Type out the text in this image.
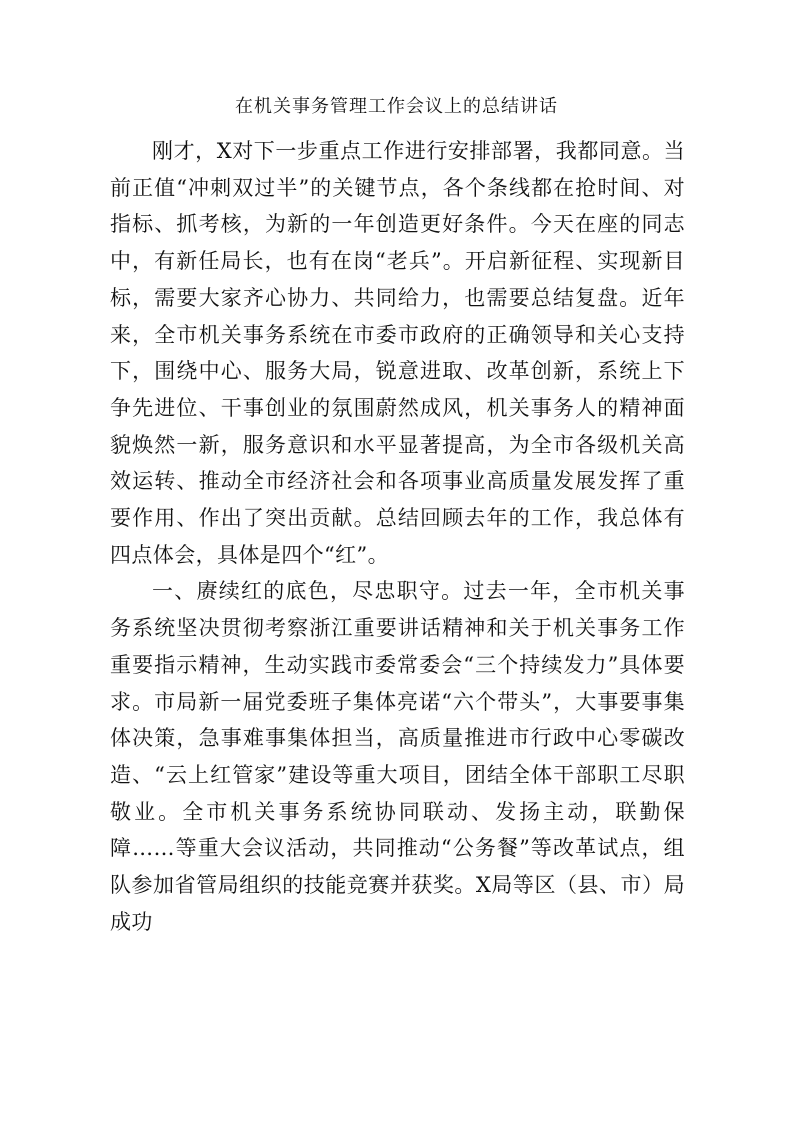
在机关事务管理工作会议上的总结讲话

刚才，X对下一步重点工作进行安排部署，我都同意。当前正值“冲刺双过半”的关键节点，各个条线都在抢时间、对指标、抓考核，为新的一年创造更好条件。今天在座的同志中，有新任局长，也有在岗“老兵”。开启新征程、实现新目标，需要大家齐心协力、共同给力，也需要总结复盘。近年来，全市机关事务系统在市委市政府的正确领导和关心支持下，围绕中心、服务大局，锐意进取、改革创新，系统上下争先进位、干事创业的氛围蔚然成风，机关事务人的精神面貌焕然一新，服务意识和水平显著提高，为全市各级机关高效运转、推动全市经济社会和各项事业高质量发展发挥了重要作用、作出了突出贡献。总结回顾去年的工作，我总体有四点体会，具体是四个“红”。

一、赓续红的底色，尽忠职守。过去一年，全市机关事务系统坚决贯彻考察浙江重要讲话精神和关于机关事务工作重要指示精神，生动实践市委常委会“三个持续发力”具体要求。市局新一届党委班子集体亮诺“六个带头”，大事要事集体决策，急事难事集体担当，高质量推进市行政中心零碳改造、“云上红管家”建设等重大项目，团结全体干部职工尽职敬业。全市机关事务系统协同联动、发扬主动，联勤保障……等重大会议活动，共同推动“公务餐”等改革试点，组队参加省管局组织的技能竞赛并获奖。X局等区（县、市）局成功
